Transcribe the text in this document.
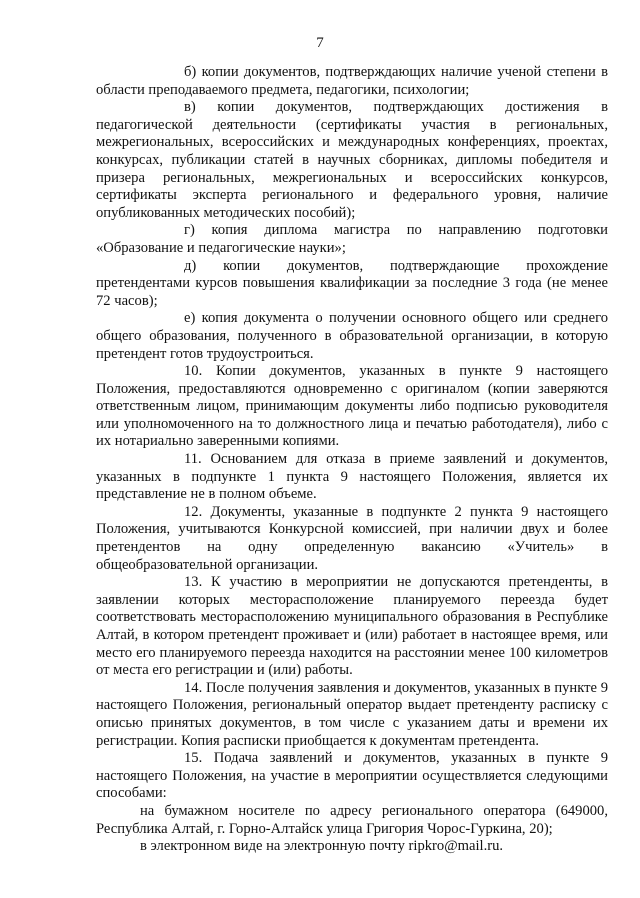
7

б) копии документов, подтверждающих наличие ученой степени в области преподаваемого предмета, педагогики, психологии;

в) копии документов, подтверждающих достижения в педагогической деятельности (сертификаты участия в региональных, межрегиональных, всероссийских и международных конференциях, проектах, конкурсах, публикации статей в научных сборниках, дипломы победителя и призера региональных, межрегиональных и всероссийских конкурсов, сертификаты эксперта регионального и федерального уровня, наличие опубликованных методических пособий);

г) копия диплома магистра по направлению подготовки «Образование и педагогические науки»;

д) копии документов, подтверждающие прохождение претендентами курсов повышения квалификации за последние 3 года (не менее 72 часов);

е) копия документа о получении основного общего или среднего общего образования, полученного в образовательной организации, в которую претендент готов трудоустроиться.

10. Копии документов, указанных в пункте 9 настоящего Положения, предоставляются одновременно с оригиналом (копии заверяются ответственным лицом, принимающим документы либо подписью руководителя или уполномоченного на то должностного лица и печатью работодателя), либо с их нотариально заверенными копиями.

11. Основанием для отказа в приеме заявлений и документов, указанных в подпункте 1 пункта 9 настоящего Положения, является их представление не в полном объеме.

12. Документы, указанные в подпункте 2 пункта 9 настоящего Положения, учитываются Конкурсной комиссией, при наличии двух и более претендентов на одну определенную вакансию «Учитель» в общеобразовательной организации.

13. К участию в мероприятии не допускаются претенденты, в заявлении которых месторасположение планируемого переезда будет соответствовать месторасположению муниципального образования в Республике Алтай, в котором претендент проживает и (или) работает в настоящее время, или место его планируемого переезда находится на расстоянии менее 100 километров от места его регистрации и (или) работы.

14. После получения заявления и документов, указанных в пункте 9 настоящего Положения, региональный оператор выдает претенденту расписку с описью принятых документов, в том числе с указанием даты и времени их регистрации. Копия расписки приобщается к документам претендента.

15. Подача заявлений и документов, указанных в пункте 9 настоящего Положения, на участие в мероприятии осуществляется следующими способами:

на бумажном носителе по адресу регионального оператора (649000, Республика Алтай, г. Горно-Алтайск улица Григория Чорос-Гуркина, 20);

в электронном виде на электронную почту ripkro@mail.ru.
